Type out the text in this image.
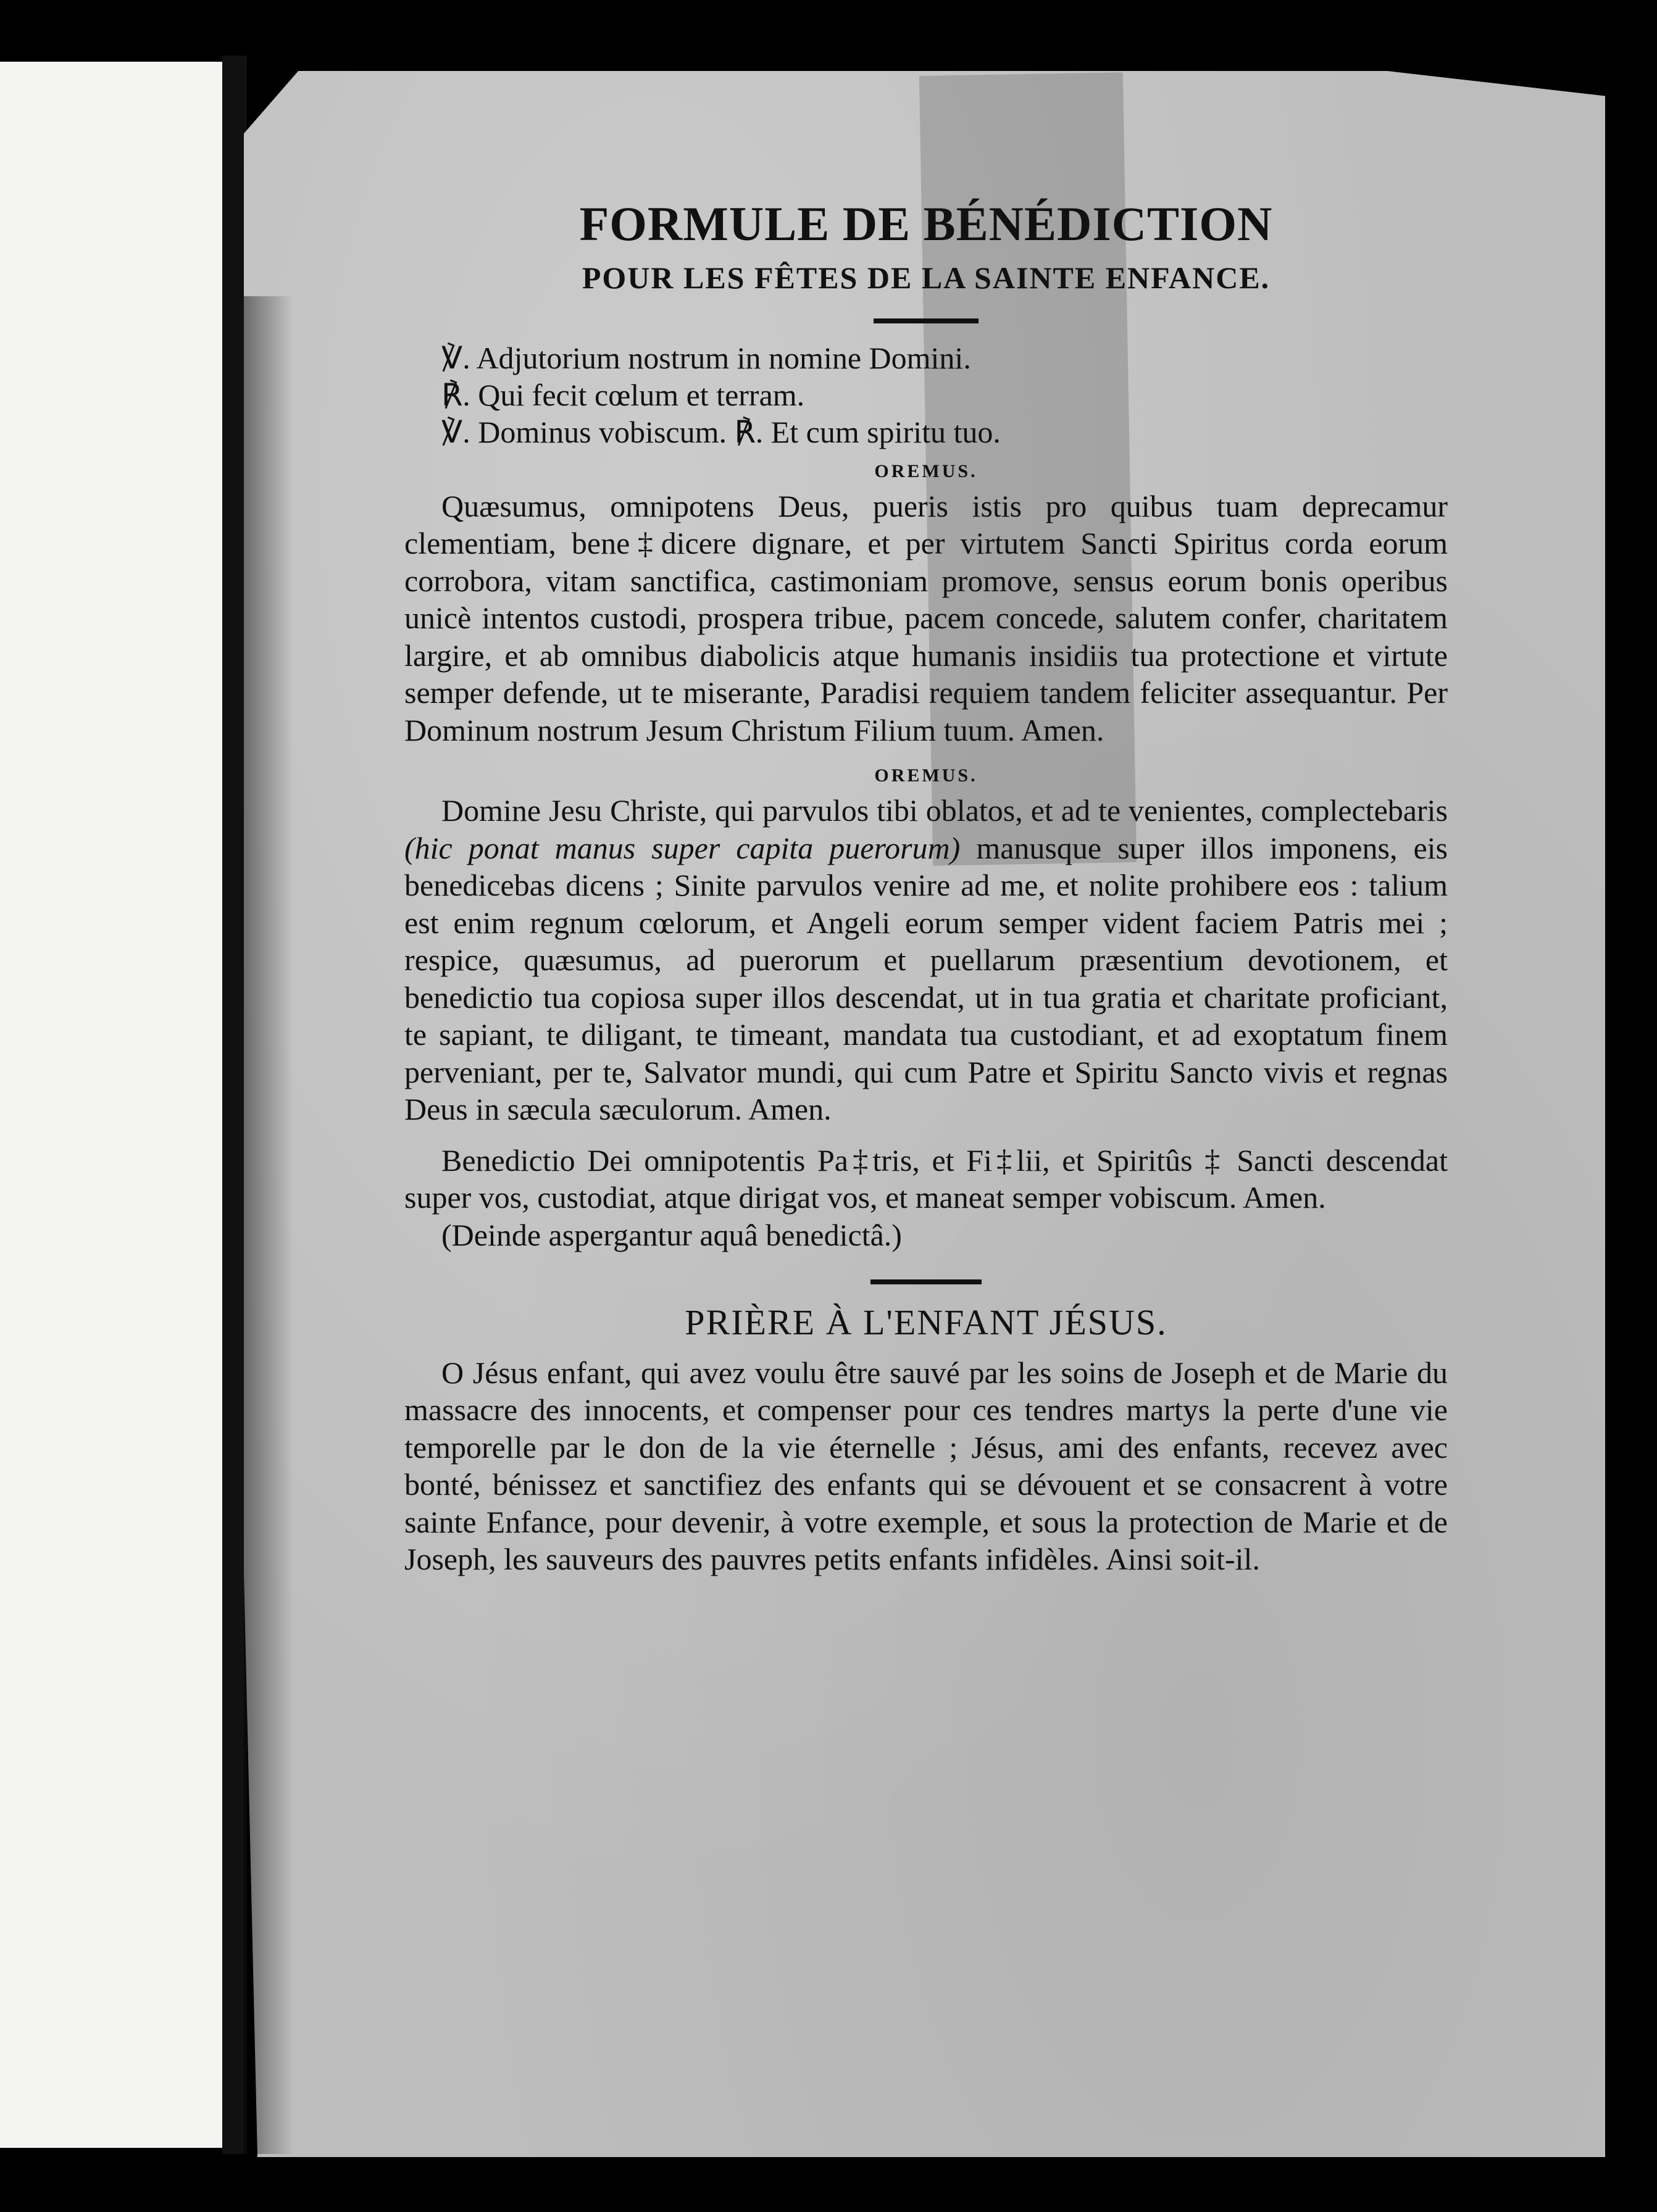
FORMULE DE BÉNÉDICTION
POUR LES FÊTES DE LA SAINTE ENFANCE.
℣. Adjutorium nostrum in nomine Domini.
℟. Qui fecit cœlum et terram.
℣. Dominus vobiscum. ℟. Et cum spiritu tuo.
OREMUS.

Quæsumus, omnipotens Deus, pueris istis pro quibus tuam deprecamur clementiam, bene‡dicere dignare, et per virtutem Sancti Spiritus corda eorum corrobora, vitam sanctifica, castimoniam promove, sensus eorum bonis operibus unicè intentos custodi, prospera tribue, pacem concede, salutem confer, charitatem largire, et ab omnibus diabolicis atque humanis insidiis tua protectione et virtute semper defende, ut te miserante, Paradisi requiem tandem feliciter assequantur. Per Dominum nostrum Jesum Christum Filium tuum. Amen.

OREMUS.

Domine Jesu Christe, qui parvulos tibi oblatos, et ad te venientes, complectebaris (hic ponat manus super capita puerorum) manusque super illos imponens, eis benedicebas dicens ; Sinite parvulos venire ad me, et nolite prohibere eos : talium est enim regnum cœlorum, et Angeli eorum semper vident faciem Patris mei ; respice, quæsumus, ad puerorum et puellarum præsentium devotionem, et benedictio tua copiosa super illos descendat, ut in tua gratia et charitate proficiant, te sapiant, te diligant, te timeant, mandata tua custodiant, et ad exoptatum finem perveniant, per te, Salvator mundi, qui cum Patre et Spiritu Sancto vivis et regnas Deus in sæcula sæculorum. Amen.

Benedictio Dei omnipotentis Pa‡tris, et Fi‡lii, et Spiritûs ‡ Sancti descendat super vos, custodiat, atque dirigat vos, et maneat semper vobiscum. Amen.

(Deinde aspergantur aquâ benedictâ.)

PRIÈRE À L'ENFANT JÉSUS.

O Jésus enfant, qui avez voulu être sauvé par les soins de Joseph et de Marie du massacre des innocents, et compenser pour ces tendres martys la perte d'une vie temporelle par le don de la vie éternelle ; Jésus, ami des enfants, recevez avec bonté, bénissez et sanctifiez des enfants qui se dévouent et se consacrent à votre sainte Enfance, pour devenir, à votre exemple, et sous la protection de Marie et de Joseph, les sauveurs des pauvres petits enfants infidèles. Ainsi soit-il.
